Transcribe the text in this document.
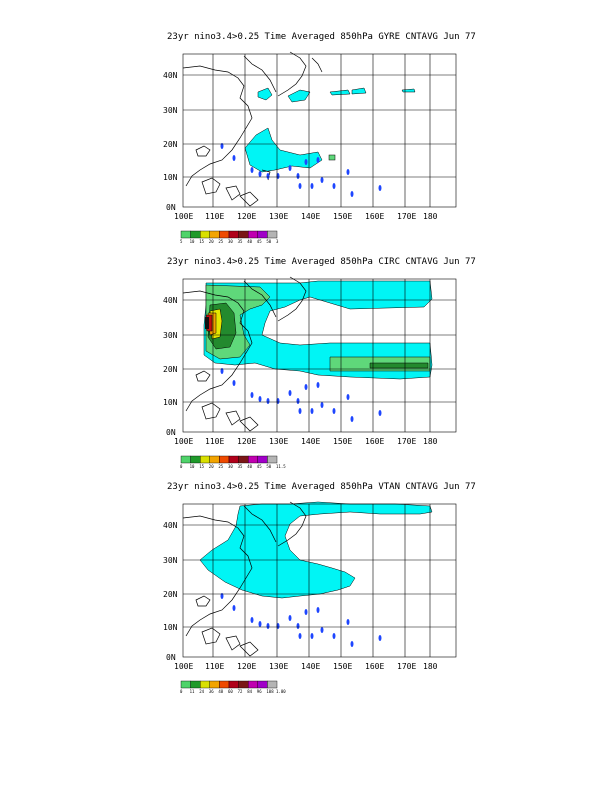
23yr nino3.4>0.25 Time Averaged 850hPa GYRE CNTAVG Jun 77
40N
30N
20N
10N
0N
100E 110E 120E 130E 140E 150E 160E 170E 180
5 10 15 20 25 30 35 40 45 50 3
23yr nino3.4>0.25 Time Averaged 850hPa CIRC CNTAVG Jun 77
40N
30N
20N
10N
0N
100E 110E 120E 130E 140E 150E 160E 170E 180
0 10 15 20 25 30 35 40 45 50 11.5
23yr nino3.4>0.25 Time Averaged 850hPa VTAN CNTAVG Jun 77
40N
30N
20N
10N
0N
100E 110E 120E 130E 140E 150E 160E 170E 180
0 11 24 36 48 60 72 84 96 108 1.00
